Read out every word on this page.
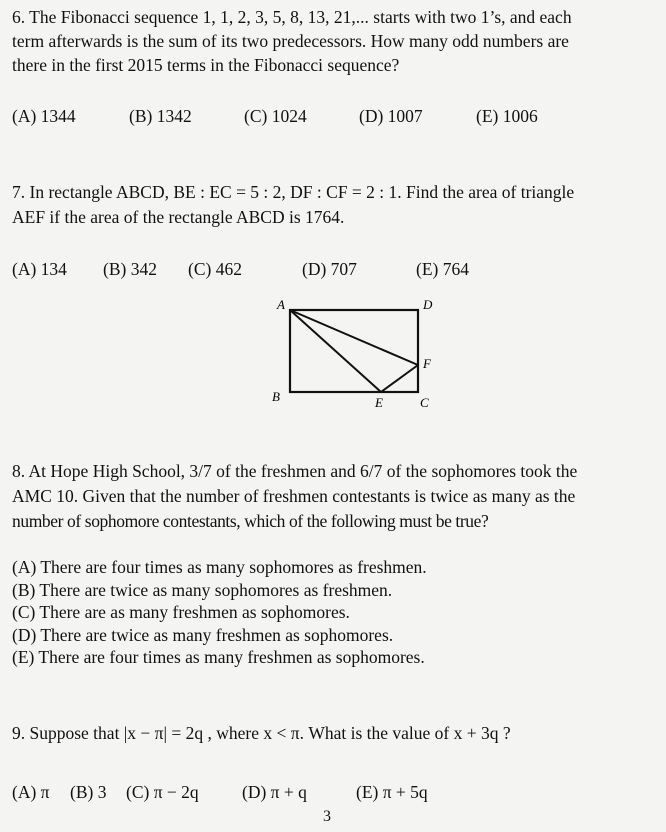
6. The Fibonacci sequence 1, 1, 2, 3, 5, 8, 13, 21,... starts with two 1’s, and each
term afterwards is the sum of its two predecessors. How many odd numbers are
there in the first 2015 terms in the Fibonacci sequence?
(A) 1344	(B) 1342	(C) 1024	(D) 1007	(E) 1006
7. In rectangle ABCD, BE : EC = 5 : 2, DF : CF = 2 : 1. Find the area of triangle
AEF if the area of the rectangle ABCD is 1764.
(A) 134 (B) 342 (C) 462	(D) 707	(E) 764
A
B	C
D
E
F
8. At Hope High School, 3/7 of the freshmen and 6/7 of the sophomores took the
AMC 10. Given that the number of freshmen contestants is twice as many as the
number of sophomore contestants, which of the following must be true?
(A) There are four times as many sophomores as freshmen.
(B) There are twice as many sophomores as freshmen.
(C) There are as many freshmen as sophomores.
(D) There are twice as many freshmen as sophomores.
(E) There are four times as many freshmen as sophomores.
9. Suppose that |x − π| = 2q , where x < π. What is the value of x + 3q ?
(A) π (B) 3 (C) π − 2q (D) π + q	(E) π + 5q
3
